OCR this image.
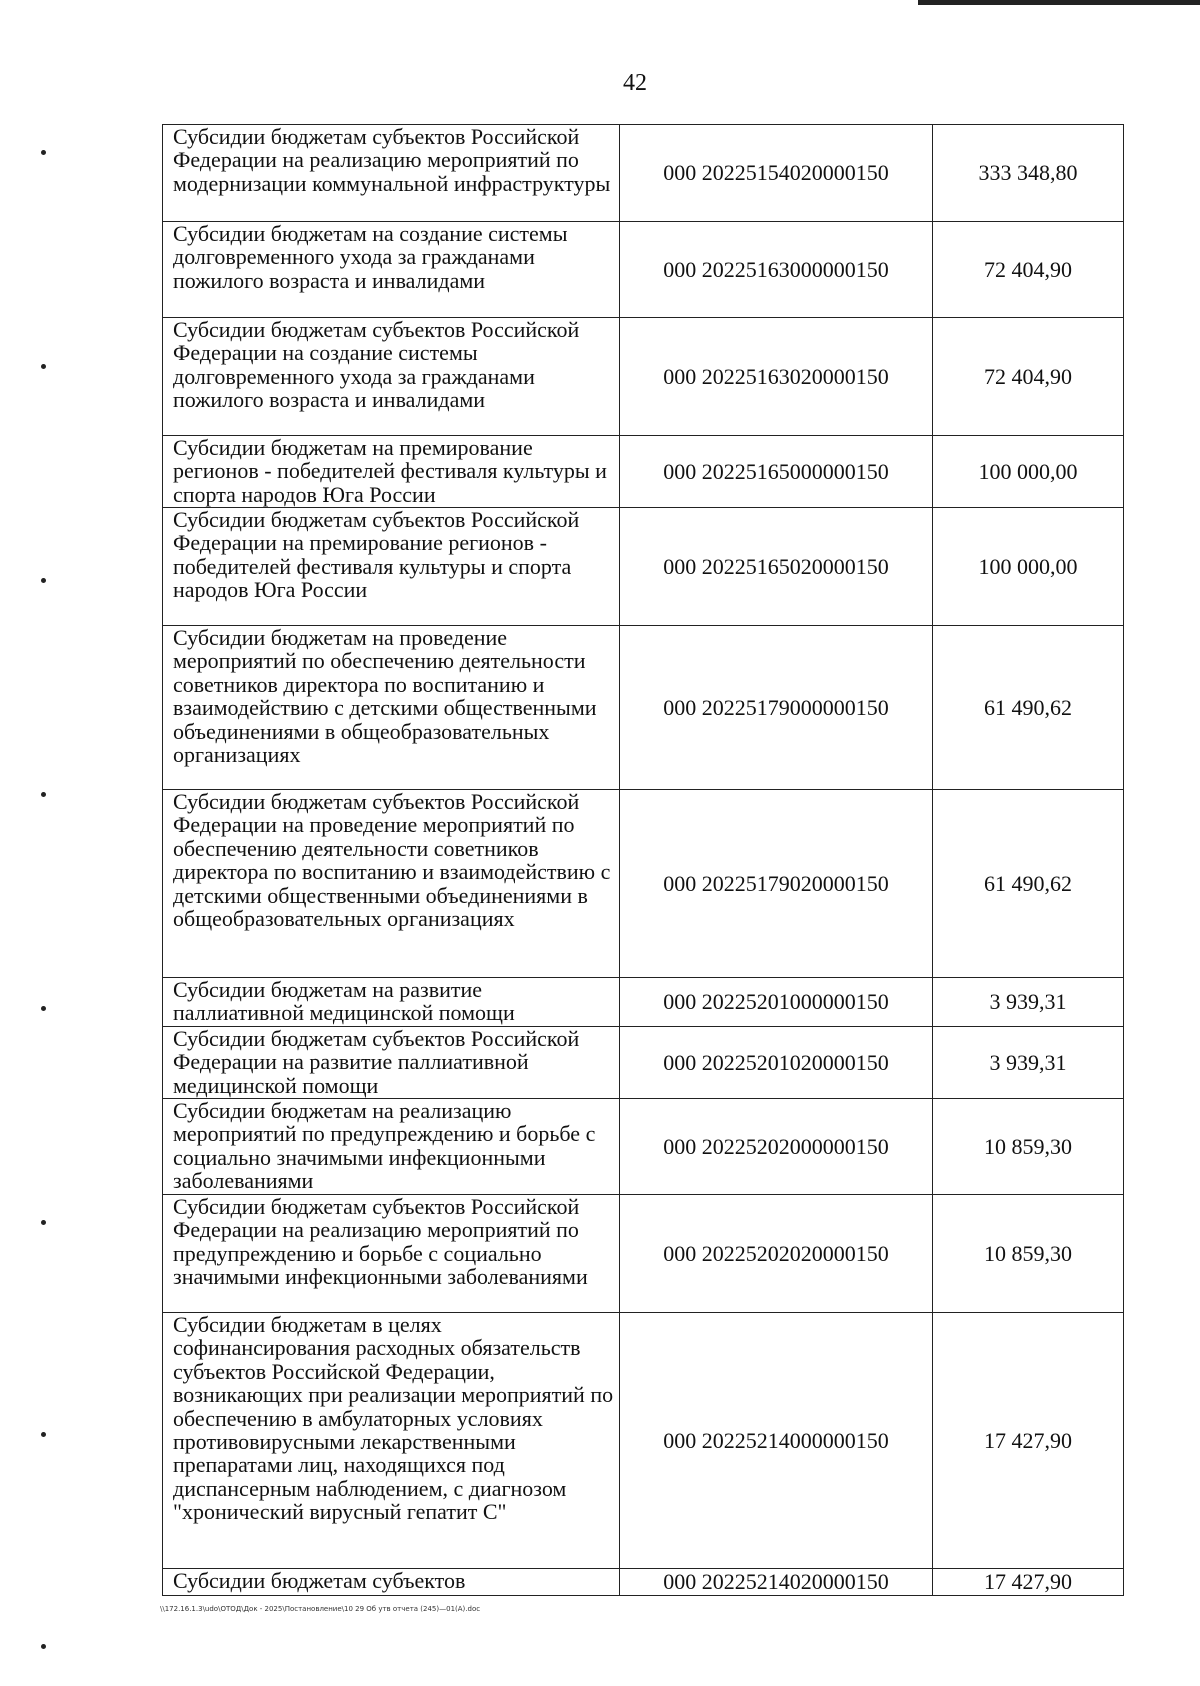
42
Субсидии бюджетам субъектов Российской Федерации на реализацию мероприятий по модернизации коммунальной инфраструктуры	000 20225154020000150	333 348,80
Субсидии бюджетам на создание системы долговременного ухода за гражданами пожилого возраста и инвалидами	000 20225163000000150	72 404,90
Субсидии бюджетам субъектов Российской Федерации на создание системы долговременного ухода за гражданами пожилого возраста и инвалидами	000 20225163020000150	72 404,90
Субсидии бюджетам на премирование регионов - победителей фестиваля культуры и спорта народов Юга России	000 20225165000000150	100 000,00
Субсидии бюджетам субъектов Российской Федерации на премирование регионов - победителей фестиваля культуры и спорта народов Юга России	000 20225165020000150	100 000,00
Субсидии бюджетам на проведение мероприятий по обеспечению деятельности советников директора по воспитанию и взаимодействию с детскими общественными объединениями в общеобразовательных организациях	000 20225179000000150	61 490,62
Субсидии бюджетам субъектов Российской Федерации на проведение мероприятий по обеспечению деятельности советников директора по воспитанию и взаимодействию с детскими общественными объединениями в общеобразовательных организациях	000 20225179020000150	61 490,62
Субсидии бюджетам на развитие паллиативной медицинской помощи	000 20225201000000150	3 939,31
Субсидии бюджетам субъектов Российской Федерации на развитие паллиативной медицинской помощи	000 20225201020000150	3 939,31
Субсидии бюджетам на реализацию мероприятий по предупреждению и борьбе с социально значимыми инфекционными заболеваниями	000 20225202000000150	10 859,30
Субсидии бюджетам субъектов Российской Федерации на реализацию мероприятий по предупреждению и борьбе с социально значимыми инфекционными заболеваниями	000 20225202020000150	10 859,30
Субсидии бюджетам в целях софинансирования расходных обязательств субъектов Российской Федерации, возникающих при реализации мероприятий по обеспечению в амбулаторных условиях противовирусными лекарственными препаратами лиц, находящихся под диспансерным наблюдением, с диагнозом "хронический вирусный гепатит С"	000 20225214000000150	17 427,90
Субсидии бюджетам субъектов	000 20225214020000150	17 427,90
\\172.16.1.3\udo\OTOД\Док - 2025\Постановление\10 29 Об утв отчета (245)—01(A).doc
